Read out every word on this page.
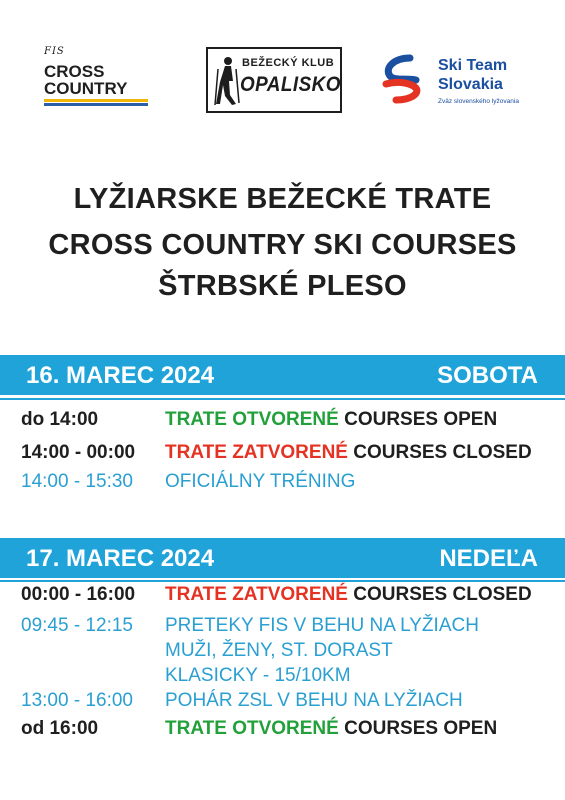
FIS
CROSS
COUNTRY
BEŽECKÝ KLUB
OPALISKO
Ski Team
Slovakia
Zväz slovenského lyžovania
LYŽIARSKE BEŽECKÉ TRATE
CROSS COUNTRY SKI COURSES
ŠTRBSKÉ PLESO
16. MAREC 2024	SOBOTA
do 14:00	TRATE OTVORENÉ COURSES OPEN
14:00 - 00:00 TRATE ZATVORENÉ COURSES CLOSED
14:00 - 15:30 OFICIÁLNY TRÉNING
17. MAREC 2024	NEDEĽA
00:00 - 16:00 TRATE ZATVORENÉ COURSES CLOSED
09:45 - 12:15 PRETEKY FIS V BEHU NA LYŽIACH
MUŽI, ŽENY, ST. DORAST
KLASICKY - 15/10KM
13:00 - 16:00 POHÁR ZSL V BEHU NA LYŽIACH
od 16:00	TRATE OTVORENÉ COURSES OPEN
